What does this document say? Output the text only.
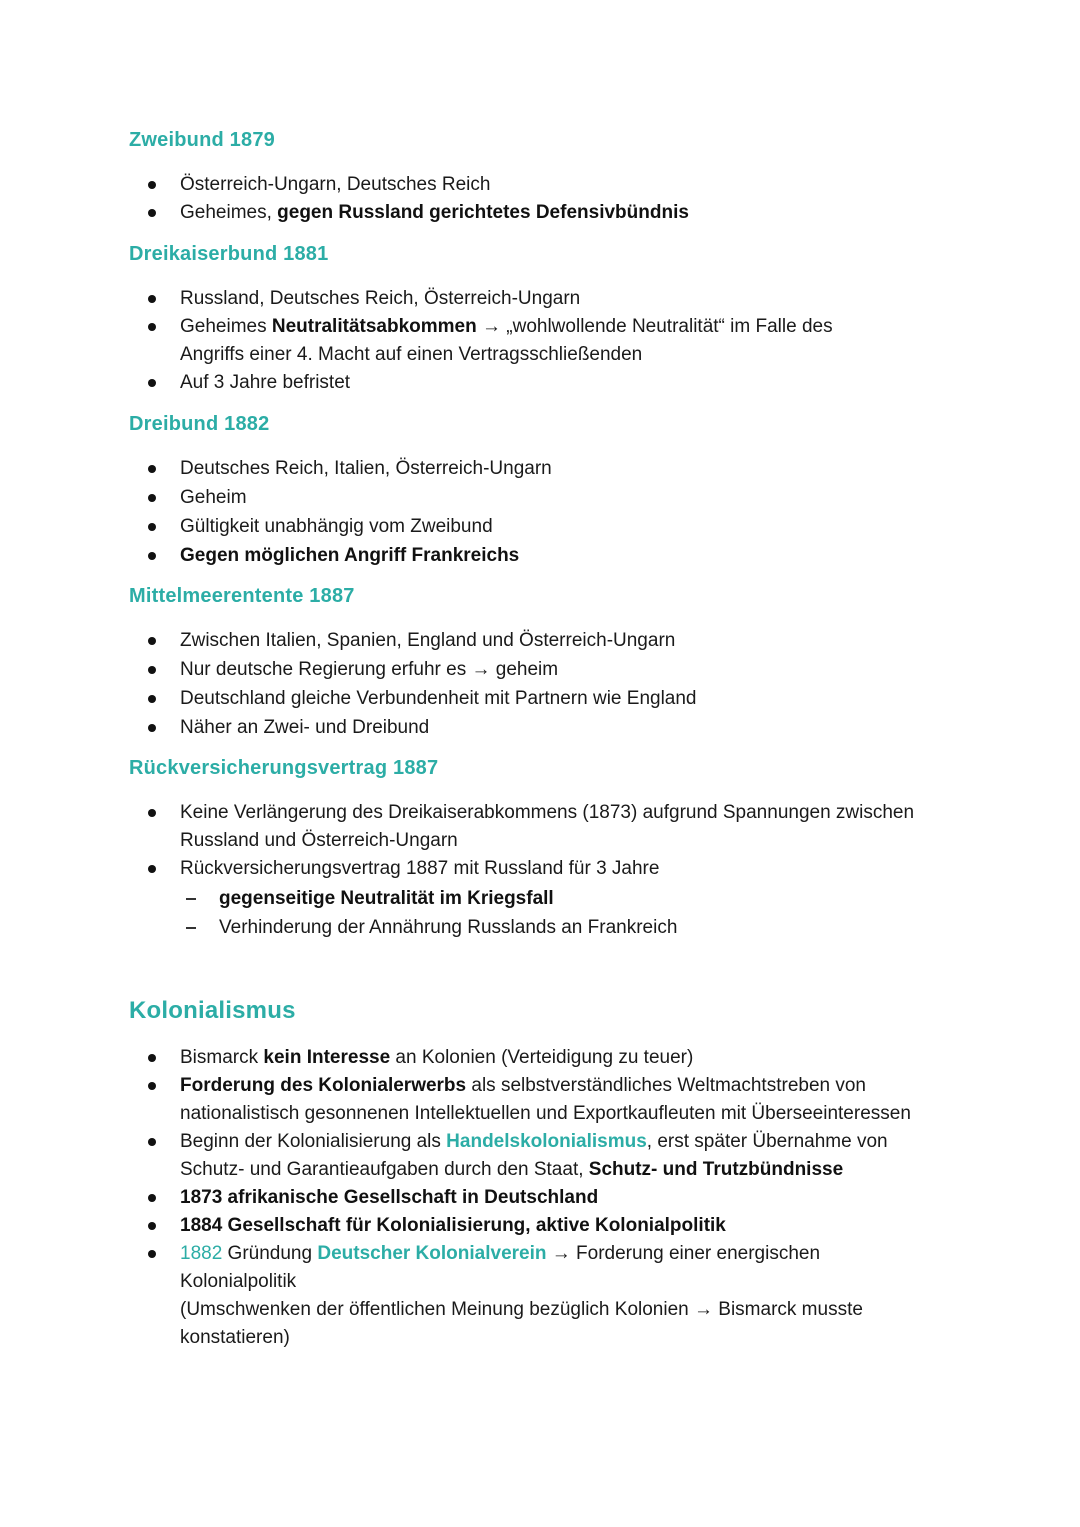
Zweibund 1879
Österreich-Ungarn, Deutsches Reich
Geheimes, gegen Russland gerichtetes Defensivbündnis
Dreikaiserbund 1881
Russland, Deutsches Reich, Österreich-Ungarn
Geheimes Neutralitätsabkommen → „wohlwollende Neutralität“ im Falle des
Angriffs einer 4. Macht auf einen Vertragsschließenden
Auf 3 Jahre befristet
Dreibund 1882
Deutsches Reich, Italien, Österreich-Ungarn
Geheim
Gültigkeit unabhängig vom Zweibund
Gegen möglichen Angriff Frankreichs
Mittelmeerentente 1887
Zwischen Italien, Spanien, England und Österreich-Ungarn
Nur deutsche Regierung erfuhr es → geheim
Deutschland gleiche Verbundenheit mit Partnern wie England
Näher an Zwei- und Dreibund
Rückversicherungsvertrag 1887
Keine Verlängerung des Dreikaiserabkommens (1873) aufgrund Spannungen zwischen
Russland und Österreich-Ungarn
Rückversicherungsvertrag 1887 mit Russland für 3 Jahre
gegenseitige Neutralität im Kriegsfall
Verhinderung der Annährung Russlands an Frankreich
Kolonialismus
Bismarck kein Interesse an Kolonien (Verteidigung zu teuer)
Forderung des Kolonialerwerbs als selbstverständliches Weltmachtstreben von
nationalistisch gesonnenen Intellektuellen und Exportkaufleuten mit Überseeinteressen
Beginn der Kolonialisierung als Handelskolonialismus, erst später Übernahme von
Schutz- und Garantieaufgaben durch den Staat, Schutz- und Trutzbündnisse
1873 afrikanische Gesellschaft in Deutschland
1884 Gesellschaft für Kolonialisierung, aktive Kolonialpolitik
1882 Gründung Deutscher Kolonialverein → Forderung einer energischen
Kolonialpolitik
(Umschwenken der öffentlichen Meinung bezüglich Kolonien → Bismarck musste
konstatieren)
